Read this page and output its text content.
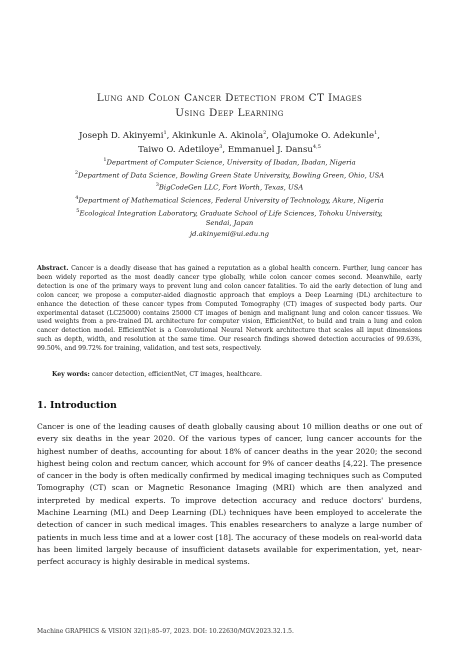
Lung and Colon Cancer Detection from CT Images
Using Deep Learning
Joseph D. Akinyemi$^1$, Akinkunle A. Akinola$^2$, Olajumoke O. Adekunle$^1$,
Taiwo O. Adetiloye$^3$, Emmanuel J. Dansu$^{4,5}$
$^1$Department of Computer Science, University of Ibadan, Ibadan, Nigeria
$^2$Department of Data Science, Bowling Green State University, Bowling Green, Ohio, USA
$^3$BigCodeGen LLC, Fort Worth, Texas, USA
$^4$Department of Mathematical Sciences, Federal University of Technology, Akure, Nigeria
$^5$Ecological Integration Laboratory, Graduate School of Life Sciences, Tohoku University,
Sendai, Japan
jd.akinyemi@ui.edu.ng
Abstract. Cancer is a deadly disease that has gained a reputation as a global health concern. Further, lung cancer has been widely reported as the most deadly cancer type globally, while colon cancer comes second. Meanwhile, early detection is one of the primary ways to prevent lung and colon cancer fatalities. To aid the early detection of lung and colon cancer, we propose a computer-aided diagnostic approach that employs a Deep Learning (DL) architecture to enhance the detection of these cancer types from Computed Tomography (CT) images of suspected body parts. Our experimental dataset (LC25000) contains 25000 CT images of benign and malignant lung and colon cancer tissues. We used weights from a pre-trained DL architecture for computer vision, EfficientNet, to build and train a lung and colon cancer detection model. EfficientNet is a Convolutional Neural Network architecture that scales all input dimensions such as depth, width, and resolution at the same time. Our research findings showed detection accuracies of 99.63%, 99.50%, and 99.72% for training, validation, and test sets, respectively.
Key words: cancer detection, efficientNet, CT images, healthcare.
1. Introduction
Cancer is one of the leading causes of death globally causing about 10 million deaths or one out of every six deaths in the year 2020. Of the various types of cancer, lung cancer accounts for the highest number of deaths, accounting for about 18% of cancer deaths in the year 2020; the second highest being colon and rectum cancer, which account for 9% of cancer deaths [4,22]. The presence of cancer in the body is often medically confirmed by medical imaging techniques such as Computed Tomography (CT) scan or Magnetic Resonance Imaging (MRI) which are then analyzed and interpreted by medical experts. To improve detection accuracy and reduce doctors' burdens, Machine Learning (ML) and Deep Learning (DL) techniques have been employed to accelerate the detection of cancer in such medical images. This enables researchers to analyze a large number of patients in much less time and at a lower cost [18]. The accuracy of these models on real-world data has been limited largely because of insufficient datasets available for experimentation, yet, near-perfect accuracy is highly desirable in medical systems.
Machine GRAPHICS & VISION 32(1):85–97, 2023. DOI: 10.22630/MGV.2023.32.1.5.
